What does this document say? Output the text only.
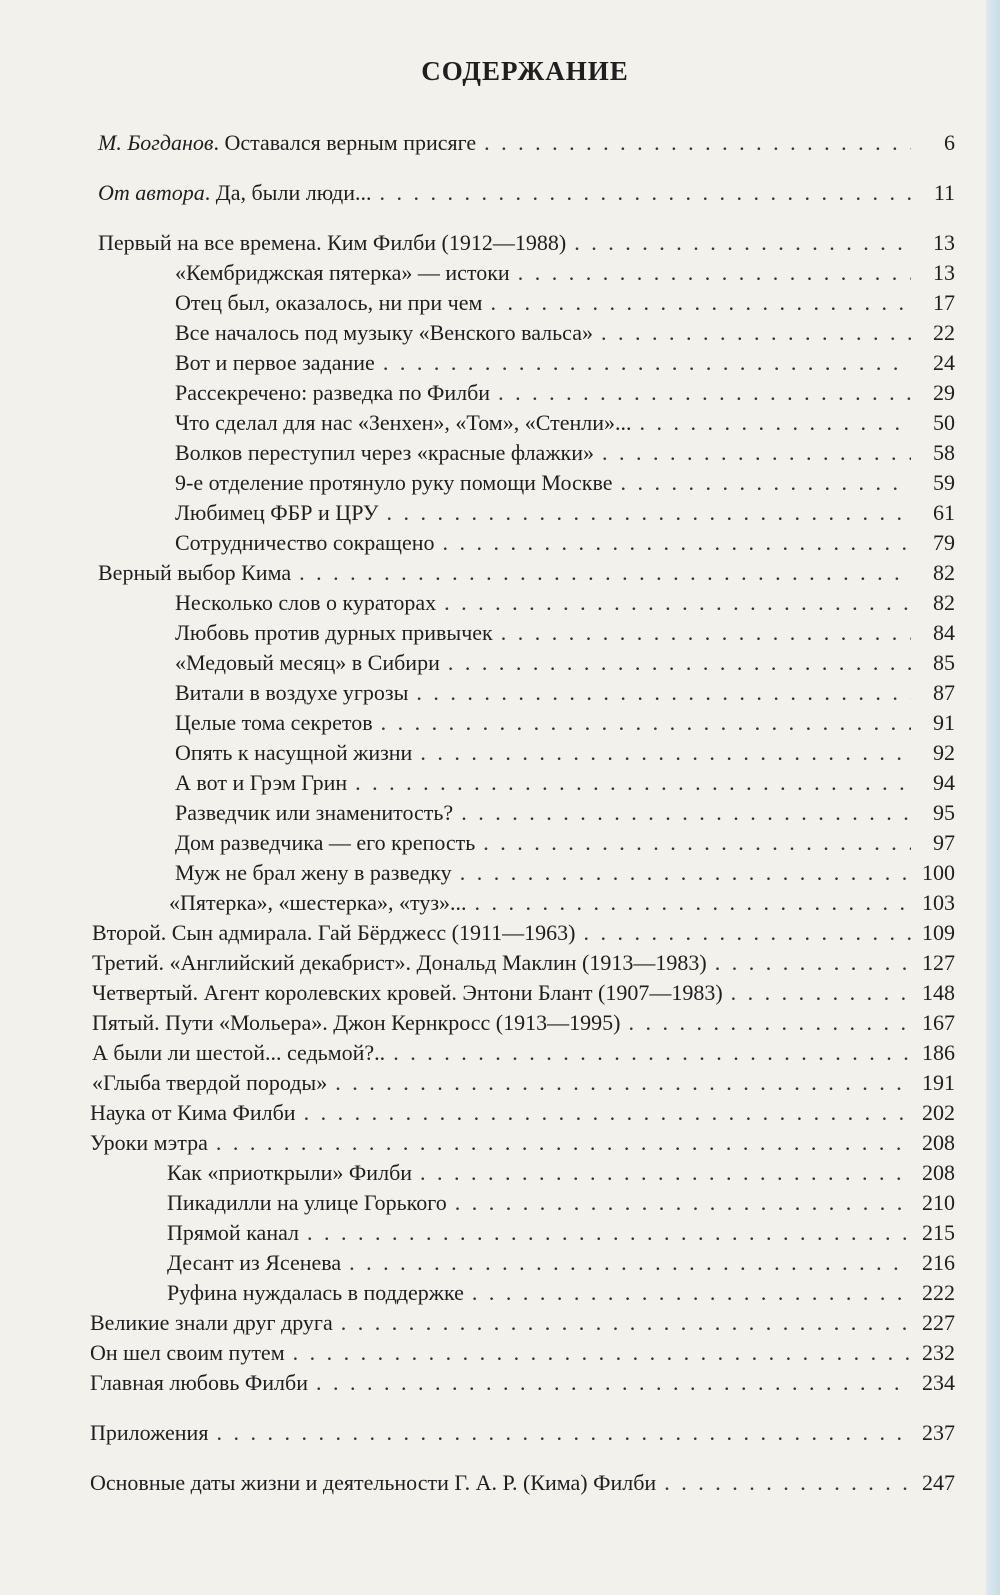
СОДЕРЖАНИЕ
М. Богданов. Оставался верным присяге . . .	6
От автора. Да, были люди... . . .	11
Первый на все времена. Ким Филби (1912—1988) . . .	13
«Кембриджская пятерка» — истоки . . .	13
Отец был, оказалось, ни при чем . . .	17
Все началось под музыку «Венского вальса» . . .	22
Вот и первое задание . . .	24
Рассекречено: разведка по Филби . . .	29
Что сделал для нас «Зенхен», «Том», «Стенли»... . . .	50
Волков переступил через «красные флажки» . . .	58
9-е отделение протянуло руку помощи Москве . . .	59
Любимец ФБР и ЦРУ . . .	61
Сотрудничество сокращено . . .	79
Верный выбор Кима . . .	82
Несколько слов о кураторах . . .	82
Любовь против дурных привычек . . .	84
«Медовый месяц» в Сибири . . .	85
Витали в воздухе угрозы . . .	87
Целые тома секретов . . .	91
Опять к насущной жизни . . .	92
А вот и Грэм Грин . . .	94
Разведчик или знаменитость? . . .	95
Дом разведчика — его крепость . . .	97
Муж не брал жену в разведку . . .	100
«Пятерка», «шестерка», «туз»... . . .	103
Второй. Сын адмирала. Гай Бёрджесс (1911—1963) . . .	109
Третий. «Английский декабрист». Дональд Маклин (1913—1983) . . .	127
Четвертый. Агент королевских кровей. Энтони Блант (1907—1983) . . .	148
Пятый. Пути «Мольера». Джон Кернкросс (1913—1995) . . .	167
А были ли шестой... седьмой?.. . . .	186
«Глыба твердой породы» . . .	191
Наука от Кима Филби . . .	202
Уроки мэтра . . .	208
Как «приоткрыли» Филби . . .	208
Пикадилли на улице Горького . . .	210
Прямой канал . . .	215
Десант из Ясенева . . .	216
Руфина нуждалась в поддержке . . .	222
Великие знали друг друга . . .	227
Он шел своим путем . . .	232
Главная любовь Филби . . .	234
Приложения . . .	237
Основные даты жизни и деятельности Г. А. Р. (Кима) Филби . . .	247
